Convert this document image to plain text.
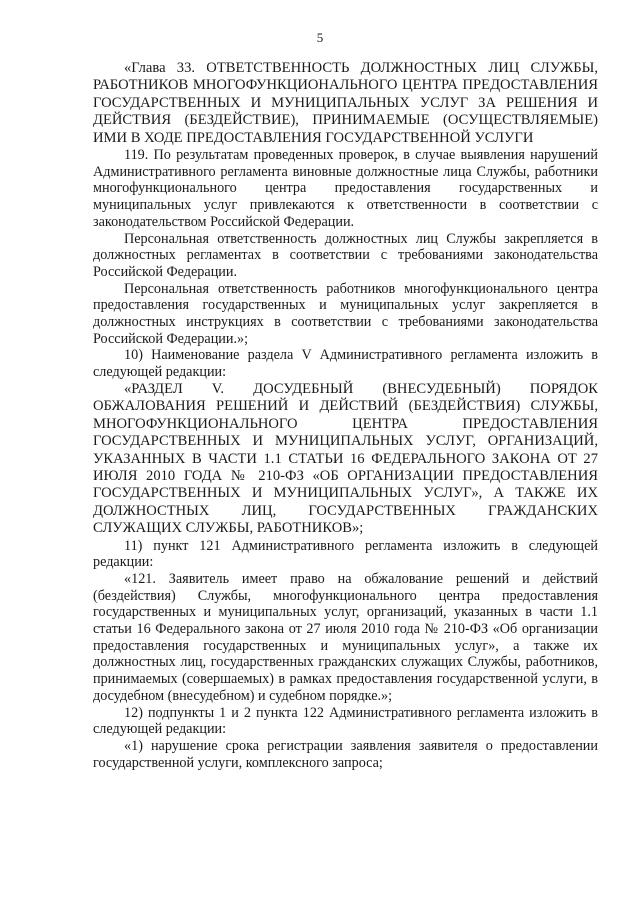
5

«Глава 33. ОТВЕТСТВЕННОСТЬ ДОЛЖНОСТНЫХ ЛИЦ СЛУЖБЫ, РАБОТНИКОВ МНОГОФУНКЦИОНАЛЬНОГО ЦЕНТРА ПРЕДОСТАВЛЕНИЯ ГОСУДАРСТВЕННЫХ И МУНИЦИПАЛЬНЫХ УСЛУГ ЗА РЕШЕНИЯ И ДЕЙСТВИЯ (БЕЗДЕЙСТВИЕ), ПРИНИМАЕМЫЕ (ОСУЩЕСТВЛЯЕМЫЕ) ИМИ В ХОДЕ ПРЕДОСТАВЛЕНИЯ ГОСУДАРСТВЕННОЙ УСЛУГИ

119. По результатам проведенных проверок, в случае выявления нарушений Административного регламента виновные должностные лица Службы, работники многофункционального центра предоставления государственных и муниципальных услуг привлекаются к ответственности в соответствии с законодательством Российской Федерации.

Персональная ответственность должностных лиц Службы закрепляется в должностных регламентах в соответствии с требованиями законодательства Российской Федерации.

Персональная ответственность работников многофункционального центра предоставления государственных и муниципальных услуг закрепляется в должностных инструкциях в соответствии с требованиями законодательства Российской Федерации.»;

10) Наименование раздела V Административного регламента изложить в следующей редакции:

«РАЗДЕЛ V. ДОСУДЕБНЫЙ (ВНЕСУДЕБНЫЙ) ПОРЯДОК ОБЖАЛОВАНИЯ РЕШЕНИЙ И ДЕЙСТВИЙ (БЕЗДЕЙСТВИЯ) СЛУЖБЫ, МНОГОФУНКЦИОНАЛЬНОГО ЦЕНТРА ПРЕДОСТАВЛЕНИЯ ГОСУДАРСТВЕННЫХ И МУНИЦИПАЛЬНЫХ УСЛУГ, ОРГАНИЗАЦИЙ, УКАЗАННЫХ В ЧАСТИ 1.1 СТАТЬИ 16 ФЕДЕРАЛЬНОГО ЗАКОНА ОТ 27 ИЮЛЯ 2010 ГОДА № 210-ФЗ «ОБ ОРГАНИЗАЦИИ ПРЕДОСТАВЛЕНИЯ ГОСУДАРСТВЕННЫХ И МУНИЦИПАЛЬНЫХ УСЛУГ», А ТАКЖЕ ИХ ДОЛЖНОСТНЫХ ЛИЦ, ГОСУДАРСТВЕННЫХ ГРАЖДАНСКИХ СЛУЖАЩИХ СЛУЖБЫ, РАБОТНИКОВ»;

11) пункт 121 Административного регламента изложить в следующей редакции:

«121. Заявитель имеет право на обжалование решений и действий (бездействия) Службы, многофункционального центра предоставления государственных и муниципальных услуг, организаций, указанных в части 1.1 статьи 16 Федерального закона от 27 июля 2010 года № 210-ФЗ «Об организации предоставления государственных и муниципальных услуг», а также их должностных лиц, государственных гражданских служащих Службы, работников, принимаемых (совершаемых) в рамках предоставления государственной услуги, в досудебном (внесудебном) и судебном порядке.»;

12) подпункты 1 и 2 пункта 122 Административного регламента изложить в следующей редакции:

«1) нарушение срока регистрации заявления заявителя о предоставлении государственной услуги, комплексного запроса;
